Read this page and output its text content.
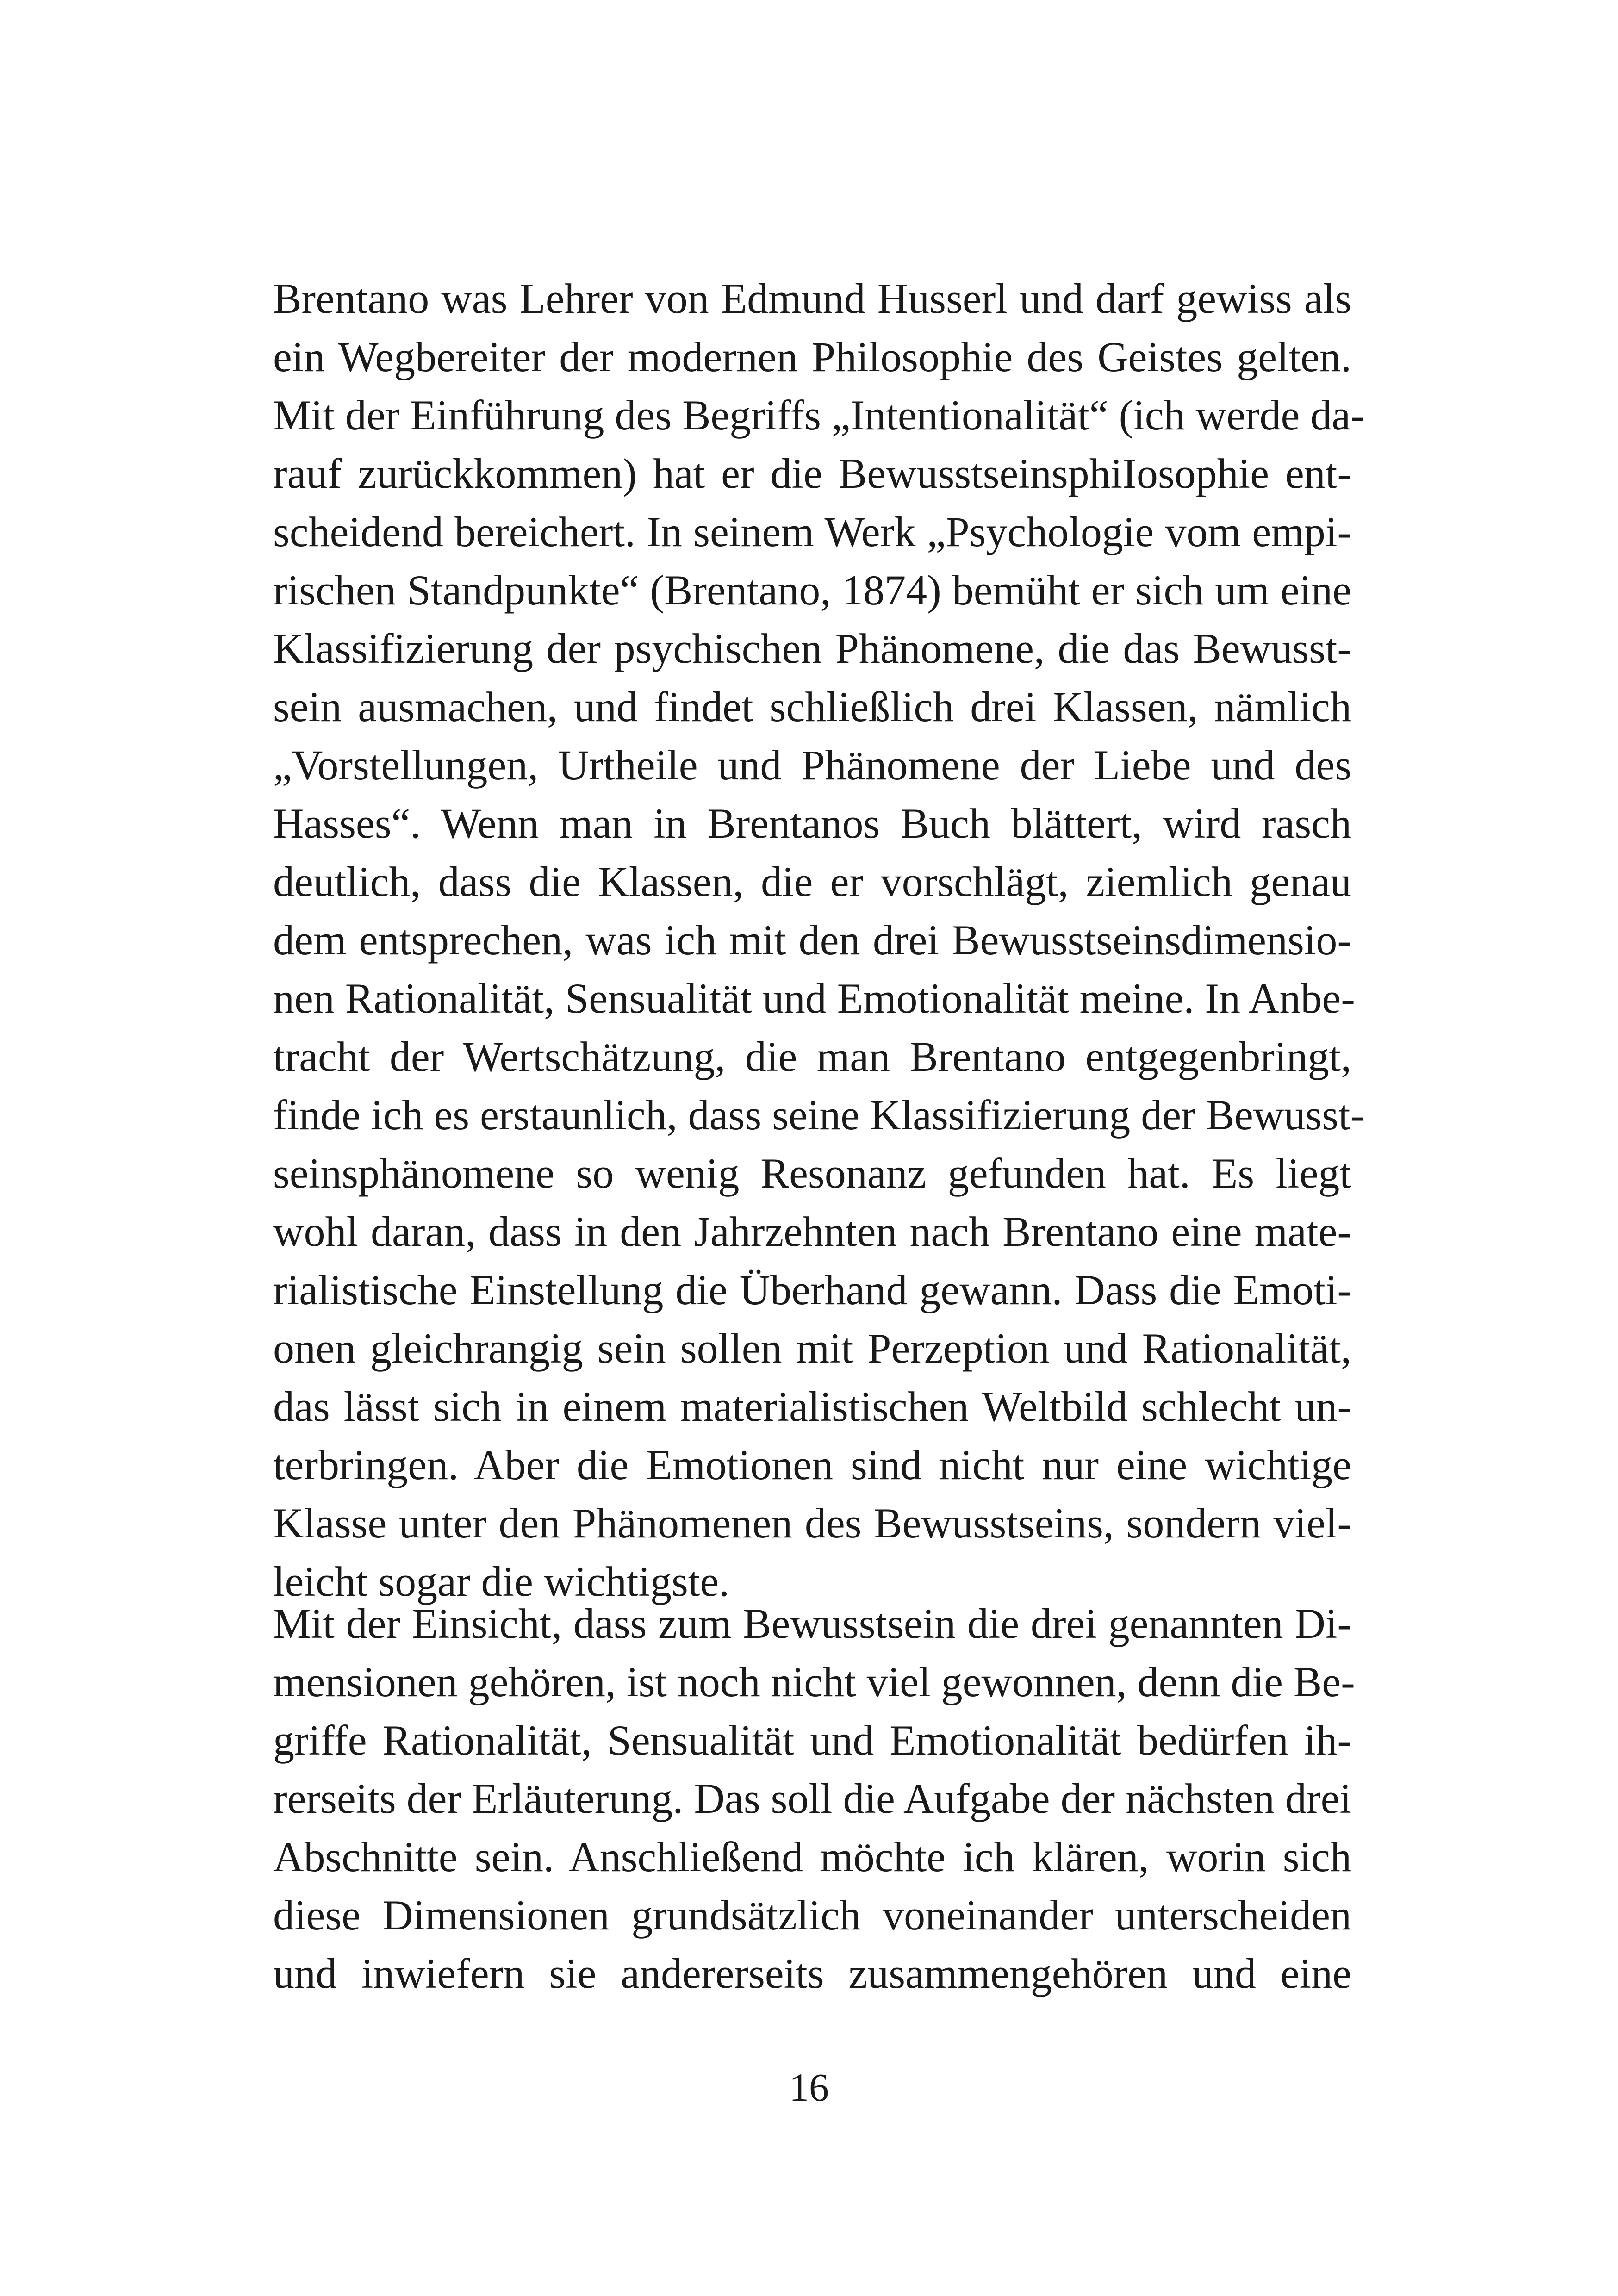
Brentano was Lehrer von Edmund Husserl und darf gewiss als
ein Wegbereiter der modernen Philosophie des Geistes gelten.
Mit der Einführung des Begriffs „Intentionalität“ (ich werde da-
rauf zurückkommen) hat er die BewusstseinsphiIosophie ent-
scheidend bereichert. In seinem Werk „Psychologie vom empi-
rischen Standpunkte“ (Brentano, 1874) bemüht er sich um eine
Klassifizierung der psychischen Phänomene, die das Bewusst-
sein ausmachen, und findet schließlich drei Klassen, nämlich
„Vorstellungen, Urtheile und Phänomene der Liebe und des
Hasses“. Wenn man in Brentanos Buch blättert, wird rasch
deutlich, dass die Klassen, die er vorschlägt, ziemlich genau
dem entsprechen, was ich mit den drei Bewusstseinsdimensio-
nen Rationalität, Sensualität und Emotionalität meine. In Anbe-
tracht der Wertschätzung, die man Brentano entgegenbringt,
finde ich es erstaunlich, dass seine Klassifizierung der Bewusst-
seinsphänomene so wenig Resonanz gefunden hat. Es liegt
wohl daran, dass in den Jahrzehnten nach Brentano eine mate-
rialistische Einstellung die Überhand gewann. Dass die Emoti-
onen gleichrangig sein sollen mit Perzeption und Rationalität,
das lässt sich in einem materialistischen Weltbild schlecht un-
terbringen. Aber die Emotionen sind nicht nur eine wichtige
Klasse unter den Phänomenen des Bewusstseins, sondern viel-
leicht sogar die wichtigste.
Mit der Einsicht, dass zum Bewusstsein die drei genannten Di-
mensionen gehören, ist noch nicht viel gewonnen, denn die Be-
griffe Rationalität, Sensualität und Emotionalität bedürfen ih-
rerseits der Erläuterung. Das soll die Aufgabe der nächsten drei
Abschnitte sein. Anschließend möchte ich klären, worin sich
diese Dimensionen grundsätzlich voneinander unterscheiden
und inwiefern sie andererseits zusammengehören und eine
16
